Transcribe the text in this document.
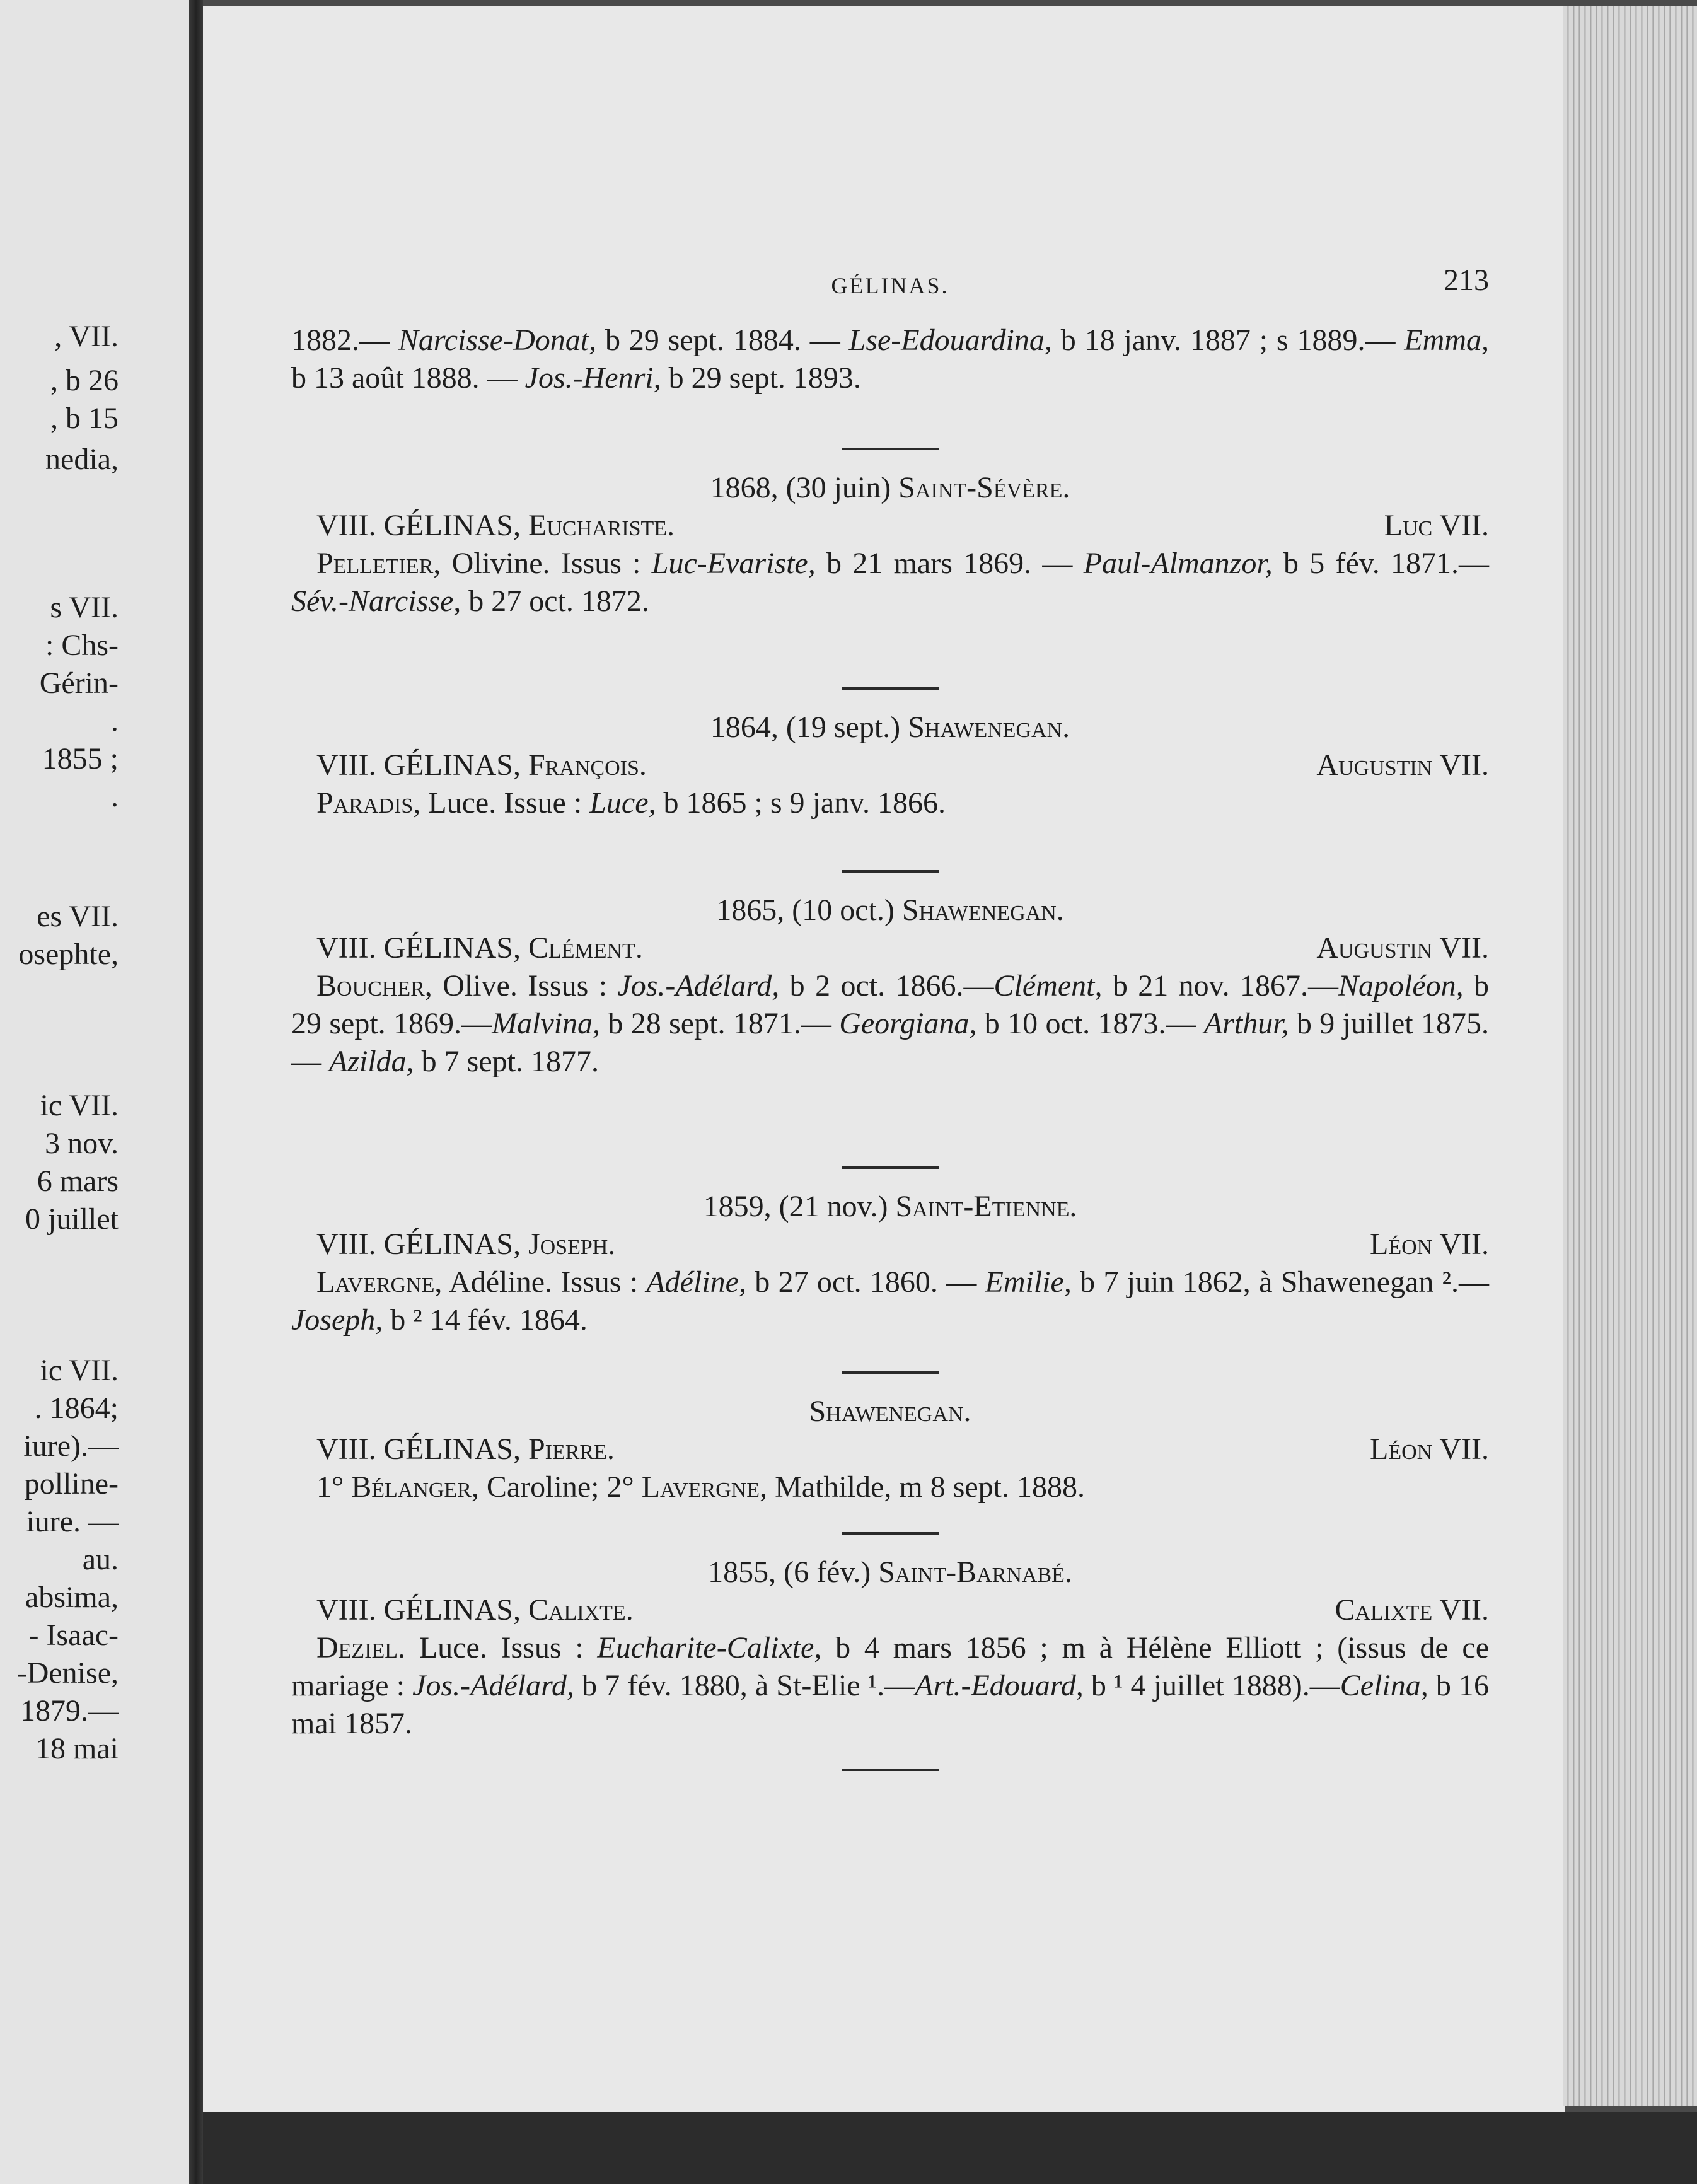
, VII.
, b 26
, b 15
nedia,
s VII.
: Chs-
Gérin-
.
1855 ;
.
es VII.
osephte,
ic VII.
3 nov.
6 mars
0 juillet
ic VII.
. 1864;
iure).—
polline-
iure. —
au.
absima,
- Isaac-
-Denise,
1879.—
18 mai
GÉLINAS.	213

1882.— Narcisse-Donat, b 29 sept. 1884. — Lse-Edouardina, b 18 janv. 1887 ; s 1889.— Emma, b 13 août 1888. — Jos.-Henri, b 29 sept. 1893.

1868, (30 juin) Saint-Sévère.

VIII. GÉLINAS, Euchariste.	Luc VII.

Pelletier, Olivine. Issus : Luc-Evariste, b 21 mars 1869. — Paul-Almanzor, b 5 fév. 1871.—Sév.-Narcisse, b 27 oct. 1872.

1864, (19 sept.) Shawenegan.

VIII. GÉLINAS, François.	Augustin VII.

Paradis, Luce. Issue : Luce, b 1865 ; s 9 janv. 1866.

1865, (10 oct.) Shawenegan.

VIII. GÉLINAS, Clément.	Augustin VII.

Boucher, Olive. Issus : Jos.-Adélard, b 2 oct. 1866.—Clément, b 21 nov. 1867.—Napoléon, b 29 sept. 1869.—Malvina, b 28 sept. 1871.— Georgiana, b 10 oct. 1873.— Arthur, b 9 juillet 1875. — Azilda, b 7 sept. 1877.

1859, (21 nov.) Saint-Etienne.

VIII. GÉLINAS, Joseph.	Léon VII.

Lavergne, Adéline. Issus : Adéline, b 27 oct. 1860. — Emilie, b 7 juin 1862, à Shawenegan ².—Joseph, b ² 14 fév. 1864.

Shawenegan.

VIII. GÉLINAS, Pierre.	Léon VII.

1° Bélanger, Caroline; 2° Lavergne, Mathilde, m 8 sept. 1888.

1855, (6 fév.) Saint-Barnabé.

VIII. GÉLINAS, Calixte.	Calixte VII.

Deziel. Luce. Issus : Eucharite-Calixte, b 4 mars 1856 ; m à Hélène Elliott ; (issus de ce mariage : Jos.-Adélard, b 7 fév. 1880, à St-Elie ¹.—Art.-Edouard, b ¹ 4 juillet 1888).—Celina, b 16 mai 1857.
